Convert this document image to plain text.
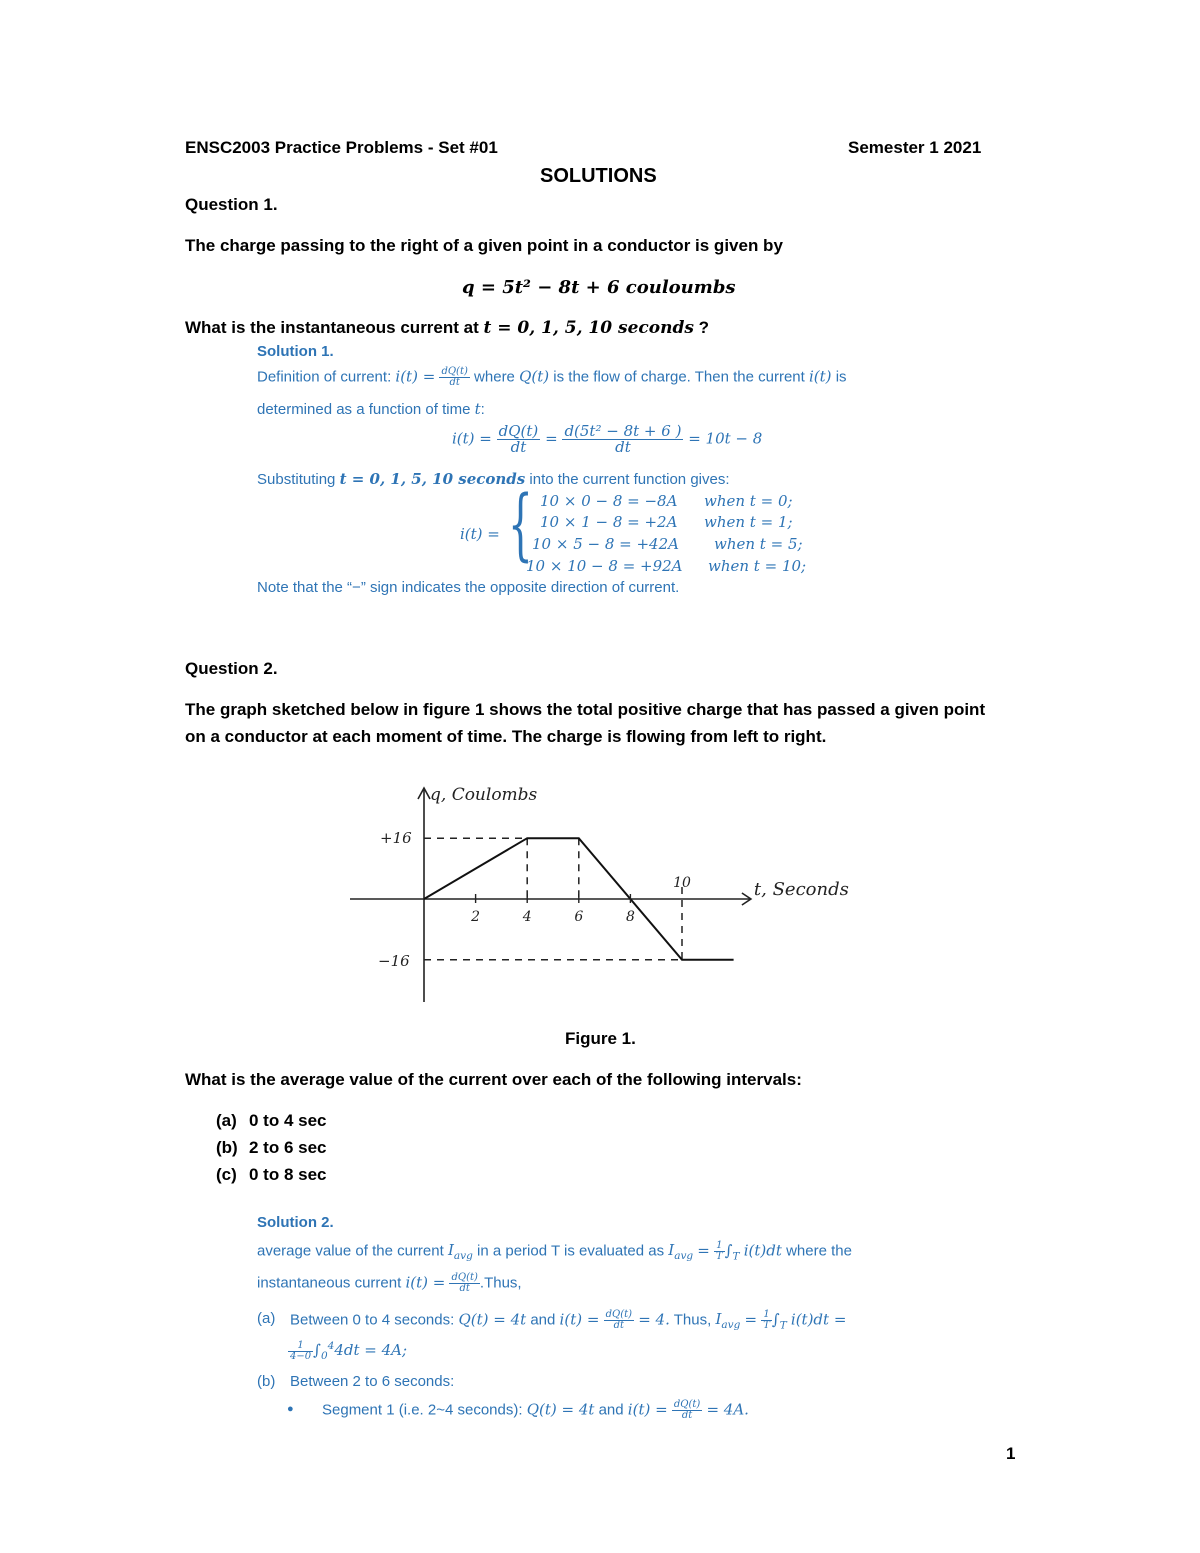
ENSC2003 Practice Problems - Set #01	Semester 1 2021
SOLUTIONS
Question 1.
The charge passing to the right of a given point in a conductor is given by
q = 5t² − 8t + 6 couloumbs
What is the instantaneous current at t = 0, 1, 5, 10 seconds ?
Solution 1.
Definition of current: $i(t) = \frac{dQ(t)}{dt}$ where Q(t) is the flow of charge. Then the current i(t) is
determined as a function of time t:
$i(t) = \frac{dQ(t)}{dt} = \frac{\text{d(5t² − 8t + 6 )}}{dt} = 10t - 8$
Substituting t = 0, 1, 5, 10 seconds into the current function gives:
i(t) = { 10 × 0 − 8 = −8A when t = 0;
10 × 1 − 8 = +2A when t = 1;
10 × 5 − 8 = +42A when t = 5;
10 × 10 − 8 = +92A when t = 10;
Note that the “−” sign indicates the opposite direction of current.
Question 2.
The graph sketched below in figure 1 shows the total positive charge that has passed a given point
on a conductor at each moment of time. The charge is flowing from left to right.
2	4	6	8
10
+16
−16
q, Coulombs
t, Seconds
Figure 1.
What is the average value of the current over each of the following intervals:
(a) 0 to 4 sec
(b) 2 to 6 sec
(c) 0 to 8 sec
Solution 2.
average value of the current $I_{avg}$ in a period T is evaluated as $I_{avg} = \frac{1}{T} \int_T$ i(t)dt where the
instantaneous current $i(t) = \frac{dQ(t)}{dt}$ .Thus,
(a) Between 0 to 4 seconds: Q(t) = 4t and $i(t) = \frac{dQ(t)}{dt} = 4$. Thus, $I_{avg} = \frac{1}{T} \int_T$ i(t)dt =
$\frac{1}{4-0} \int_0^44dt = 4A$;
(b) Between 2 to 6 seconds:
● Segment 1 (i.e. 2~4 seconds): Q(t) = 4t and $i(t) = \frac{dQ(t)}{dt} = 4A$.
1
